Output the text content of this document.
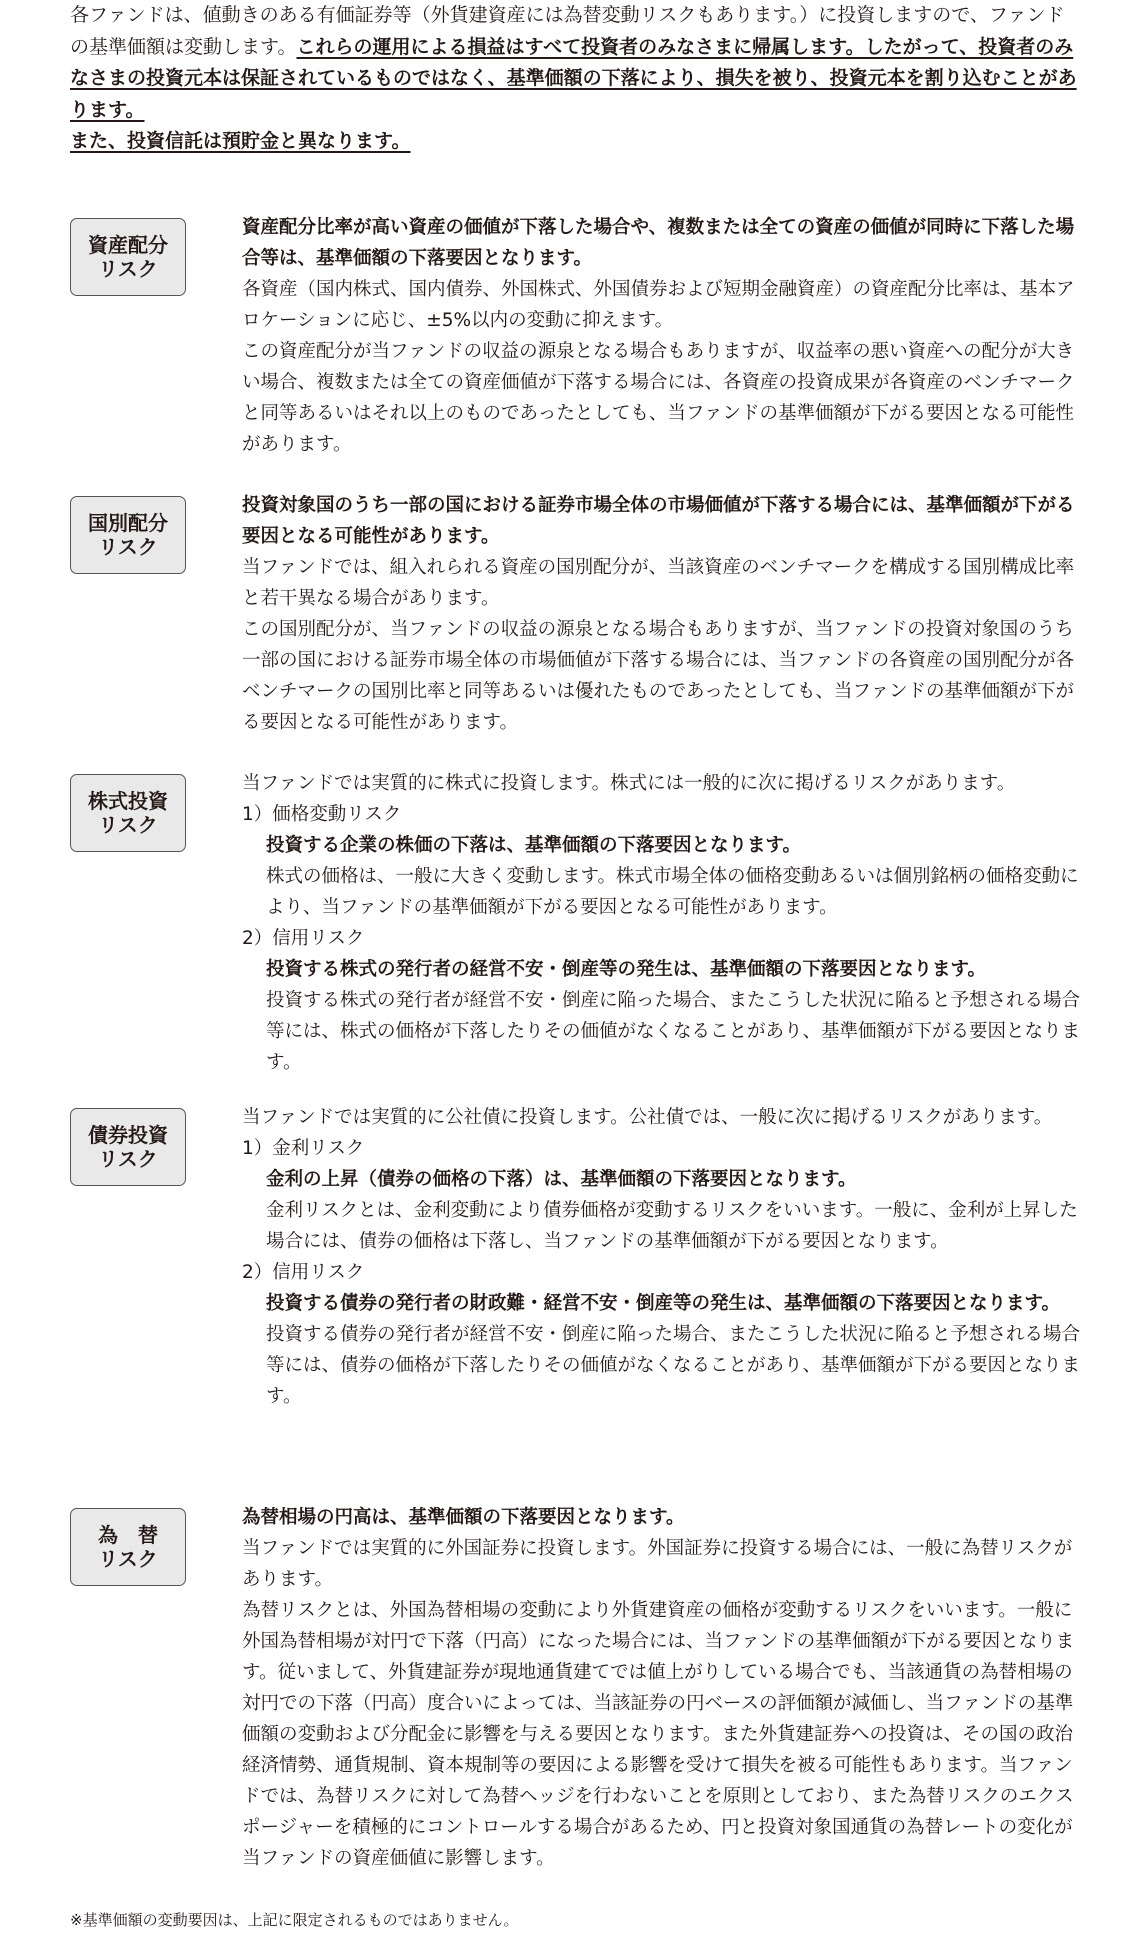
各ファンドは、値動きのある有価証券等（外貨建資産には為替変動リスクもあります。）に投資しますので、ファンドの基準価額は変動します。これらの運用による損益はすべて投資者のみなさまに帰属します。したがって、投資者のみなさまの投資元本は保証されているものではなく、基準価額の下落により、損失を被り、投資元本を割り込むことがあります。

また、投資信託は預貯金と異なります。

資産配分
リスク

資産配分比率が高い資産の価値が下落した場合や、複数または全ての資産の価値が同時に下落した場合等は、基準価額の下落要因となります。

各資産（国内株式、国内債券、外国株式、外国債券および短期金融資産）の資産配分比率は、基本アロケーションに応じ、±5%以内の変動に抑えます。

この資産配分が当ファンドの収益の源泉となる場合もありますが、収益率の悪い資産への配分が大きい場合、複数または全ての資産価値が下落する場合には、各資産の投資成果が各資産のベンチマークと同等あるいはそれ以上のものであったとしても、当ファンドの基準価額が下がる要因となる可能性があります。

国別配分
リスク

投資対象国のうち一部の国における証券市場全体の市場価値が下落する場合には、基準価額が下がる要因となる可能性があります。

当ファンドでは、組入れられる資産の国別配分が、当該資産のベンチマークを構成する国別構成比率と若干異なる場合があります。

この国別配分が、当ファンドの収益の源泉となる場合もありますが、当ファンドの投資対象国のうち一部の国における証券市場全体の市場価値が下落する場合には、当ファンドの各資産の国別配分が各ベンチマークの国別比率と同等あるいは優れたものであったとしても、当ファンドの基準価額が下がる要因となる可能性があります。

株式投資
リスク

当ファンドでは実質的に株式に投資します。株式には一般的に次に掲げるリスクがあります。

1）価格変動リスク

投資する企業の株価の下落は、基準価額の下落要因となります。

株式の価格は、一般に大きく変動します。株式市場全体の価格変動あるいは個別銘柄の価格変動により、当ファンドの基準価額が下がる要因となる可能性があります。

2）信用リスク

投資する株式の発行者の経営不安・倒産等の発生は、基準価額の下落要因となります。

投資する株式の発行者が経営不安・倒産に陥った場合、またこうした状況に陥ると予想される場合等には、株式の価格が下落したりその価値がなくなることがあり、基準価額が下がる要因となります。

債券投資
リスク

当ファンドでは実質的に公社債に投資します。公社債では、一般に次に掲げるリスクがあります。

1）金利リスク

金利の上昇（債券の価格の下落）は、基準価額の下落要因となります。

金利リスクとは、金利変動により債券価格が変動するリスクをいいます。一般に、金利が上昇した場合には、債券の価格は下落し、当ファンドの基準価額が下がる要因となります。

2）信用リスク

投資する債券の発行者の財政難・経営不安・倒産等の発生は、基準価額の下落要因となります。

投資する債券の発行者が経営不安・倒産に陥った場合、またこうした状況に陥ると予想される場合等には、債券の価格が下落したりその価値がなくなることがあり、基準価額が下がる要因となります。

為　替
リスク

為替相場の円高は、基準価額の下落要因となります。

当ファンドでは実質的に外国証券に投資します。外国証券に投資する場合には、一般に為替リスクがあります。

為替リスクとは、外国為替相場の変動により外貨建資産の価格が変動するリスクをいいます。一般に外国為替相場が対円で下落（円高）になった場合には、当ファンドの基準価額が下がる要因となります。従いまして、外貨建証券が現地通貨建てでは値上がりしている場合でも、当該通貨の為替相場の対円での下落（円高）度合いによっては、当該証券の円ベースの評価額が減価し、当ファンドの基準価額の変動および分配金に影響を与える要因となります。また外貨建証券への投資は、その国の政治経済情勢、通貨規制、資本規制等の要因による影響を受けて損失を被る可能性もあります。当ファンドでは、為替リスクに対して為替ヘッジを行わないことを原則としており、また為替リスクのエクスポージャーを積極的にコントロールする場合があるため、円と投資対象国通貨の為替レートの変化が当ファンドの資産価値に影響します。

※基準価額の変動要因は、上記に限定されるものではありません。
